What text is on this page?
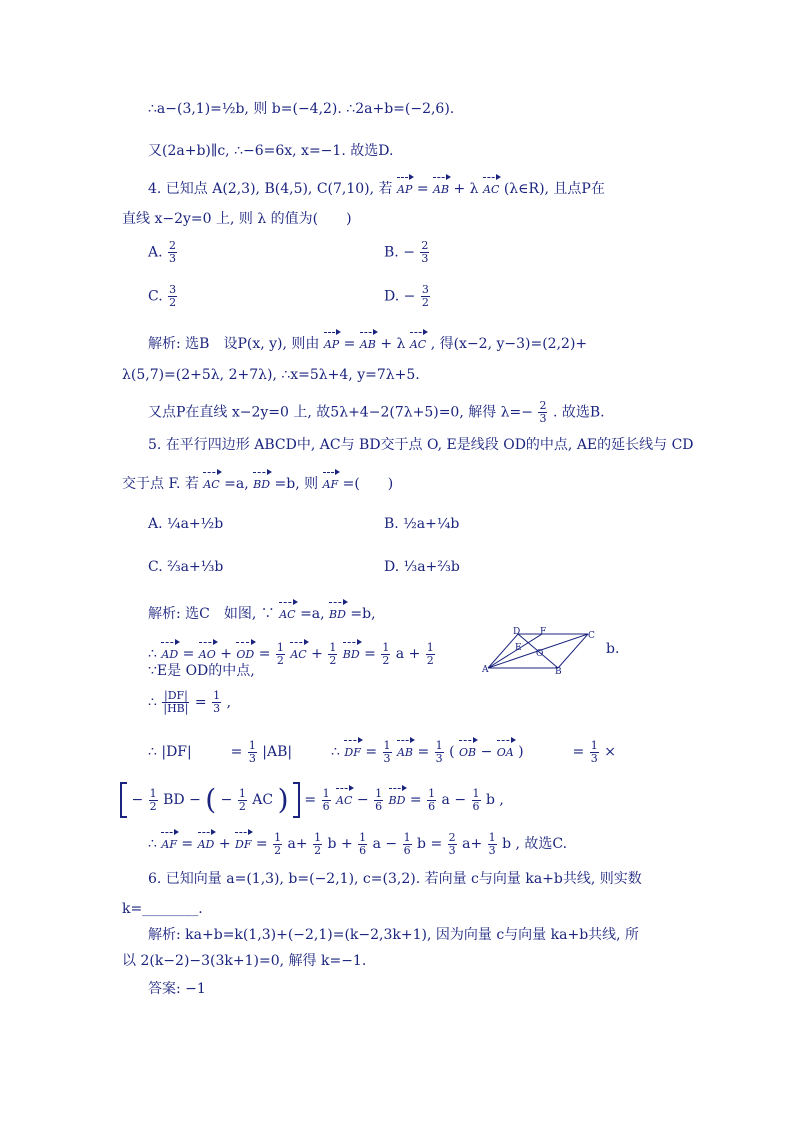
∴a−(3,1)=½b, 则 b=(−4,2). ∴2a+b=(−2,6).
又(2a+b)∥c, ∴−6=6x, x=−1. 故选D.
4. 已知点 A(2,3), B(4,5), C(7,10), 若 AP = AB + λ AC (λ∈R), 且点P在
直线 x−2y=0 上, 则 λ 的值为(　　)
A. $\frac{2}{3}$	B. − $\frac{2}{3}$
C. $\frac{3}{2}$	D. − $\frac{3}{2}$
解析: 选B　设P(x, y), 则由 AP = AB + λ AC , 得(x−2, y−3)=(2,2)+
λ(5,7)=(2+5λ, 2+7λ), ∴x=5λ+4, y=7λ+5.
又点P在直线 x−2y=0 上, 故5λ+4−2(7λ+5)=0, 解得 $\lambda=- \frac{2}{3}$ . 故选B.
5. 在平行四边形 ABCD中, AC与 BD交于点 O, E是线段 OD的中点, AE的延长线与 CD
交于点 F. 若 AC =a, BD =b, 则 AF =(　　)
A. ¼a+½b	B. ½a+¼b
C. ⅔a+⅓b	D. ⅓a+⅔b
解析: 选C　如图, ∵ AC =a, BD =b,
∴ AD = AO + OD = $\frac{1}{2}$ AC + $\frac{1}{2}$ BD = $\frac{1}{2}$ $a + \frac{1}{2}$
D F	C
E
O
A	B
b.
∵E是 OD的中点,
∴ $\frac{|DF|}{|HB|} = \frac{1}{3}$ ,
∴ |DF|	= $\frac{1}{3} |AB|$	∴ DF = $\frac{1}{3}$ AB = $\frac{1}{3}$ ( OB − OA )	= $\frac{1}{3}$ ×
− $\frac{1}{2}$ BD − ( − $\frac{1}{2}$ AC ) = $\frac{1}{6}$ AC − $\frac{1}{6}$ BD = $\frac{1}{6}$ $a - \frac{1}{6}$ b ,
∴ AF = AD + DF = $\frac{1}{2} a+ \frac{1}{2}$ $b + \frac{1}{6}$ $a - \frac{1}{6}$ $b = \frac{2}{3} a+ \frac{1}{3}$ b , 故选C.
6. 已知向量 a=(1,3), b=(−2,1), c=(3,2). 若向量 c与向量 ka+b共线, 则实数
k=________.
解析: ka+b=k(1,3)+(−2,1)=(k−2,3k+1), 因为向量 c与向量 ka+b共线, 所
以 2(k−2)−3(3k+1)=0, 解得 k=−1.
答案: −1
